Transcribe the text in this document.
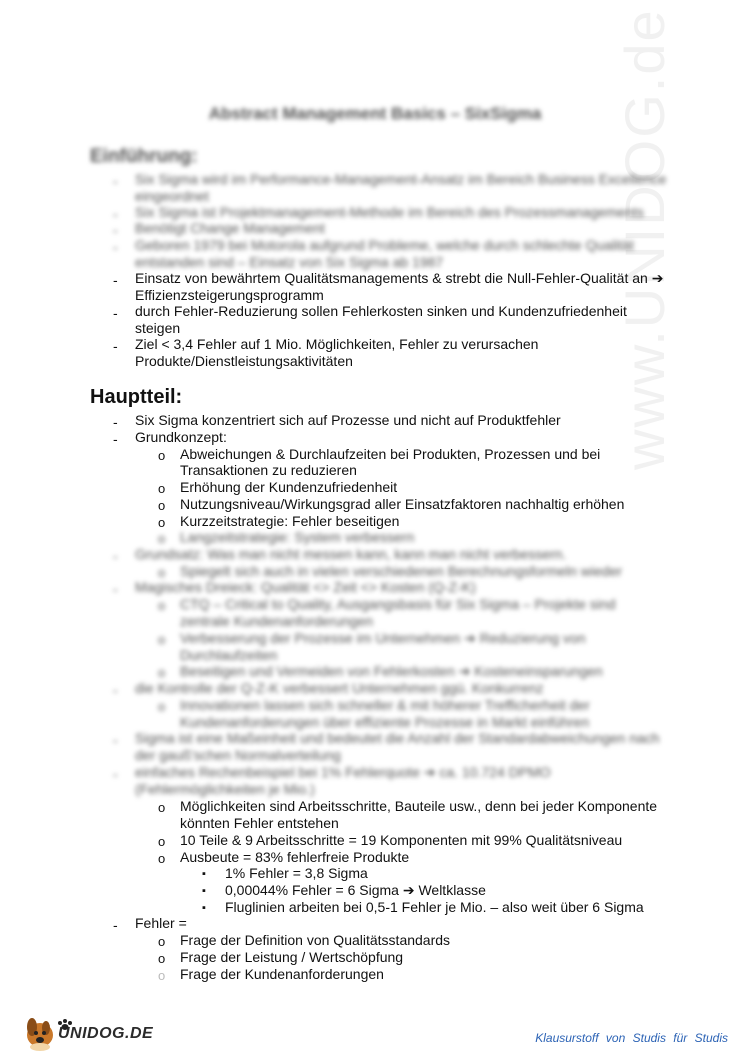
Abstract Management Basics – SixSigma	www.UNIDOG.de
Einführung:
- Six Sigma wird im Performance-Management-Ansatz im Bereich Business Excellence
eingeordnet
- Six Sigma ist Projektmanagement-Methode im Bereich des Prozessmanagements
- Benötigt Change Management
- Geboren 1979 bei Motorola aufgrund Probleme, welche durch schlechte Qualität
entstanden sind – Einsatz von Six Sigma ab 1987
- Einsatz von bewährtem Qualitätsmanagements & strebt die Null-Fehler-Qualität an ➔
Effizienzsteigerungsprogramm
- durch Fehler-Reduzierung sollen Fehlerkosten sinken und Kundenzufriedenheit
steigen
- Ziel < 3,4 Fehler auf 1 Mio. Möglichkeiten, Fehler zu verursachen
Produkte/Dienstleistungsaktivitäten
Hauptteil:
- Six Sigma konzentriert sich auf Prozesse und nicht auf Produktfehler
- Grundkonzept:
o Abweichungen & Durchlaufzeiten bei Produkten, Prozessen und bei
Transaktionen zu reduzieren
o Erhöhung der Kundenzufriedenheit
o Nutzungsniveau/Wirkungsgrad aller Einsatzfaktoren nachhaltig erhöhen
o Kurzzeitstrategie: Fehler beseitigen
o Langzeitstrategie: System verbessern
- Grundsatz: Was man nicht messen kann, kann man nicht verbessern.
o Spiegelt sich auch in vielen verschiedenen Berechnungsformeln wieder
- Magisches Dreieck: Qualität <> Zeit <> Kosten (Q-Z-K)
o CTQ – Critical to Quality, Ausgangsbasis für Six Sigma – Projekte sind
zentrale Kundenanforderungen
o Verbesserung der Prozesse im Unternehmen ➔ Reduzierung von
Durchlaufzeiten
o Beseitigen und Vermeiden von Fehlerkosten ➔ Kosteneinsparungen
- die Kontrolle der Q-Z-K verbessert Unternehmen ggü. Konkurrenz
o Innovationen lassen sich schneller & mit höherer Trefficherheit der
Kundenanforderungen über effiziente Prozesse in Markt einführen
- Sigma ist eine Maßeinheit und bedeutet die Anzahl der Standardabweichungen nach
der gauß'schen Normalverteilung
- einfaches Rechenbeispiel bei 1% Fehlerquote ➔ ca. 10.724 DPMO
(Fehlermöglichkeiten je Mio.)
o Möglichkeiten sind Arbeitsschritte, Bauteile usw., denn bei jeder Komponente
könnten Fehler entstehen
o 10 Teile & 9 Arbeitsschritte = 19 Komponenten mit 99% Qualitätsniveau
o Ausbeute = 83% fehlerfreie Produkte
▪ 1% Fehler = 3,8 Sigma
▪ 0,00044% Fehler = 6 Sigma ➔ Weltklasse
▪ Fluglinien arbeiten bei 0,5-1 Fehler je Mio. – also weit über 6 Sigma
- Fehler =
o Frage der Definition von Qualitätsstandards
o Frage der Leistung / Wertschöpfung
o Frage der Kundenanforderungen
UNIDOG.DE	Klausurstoff von Studis für Studis
